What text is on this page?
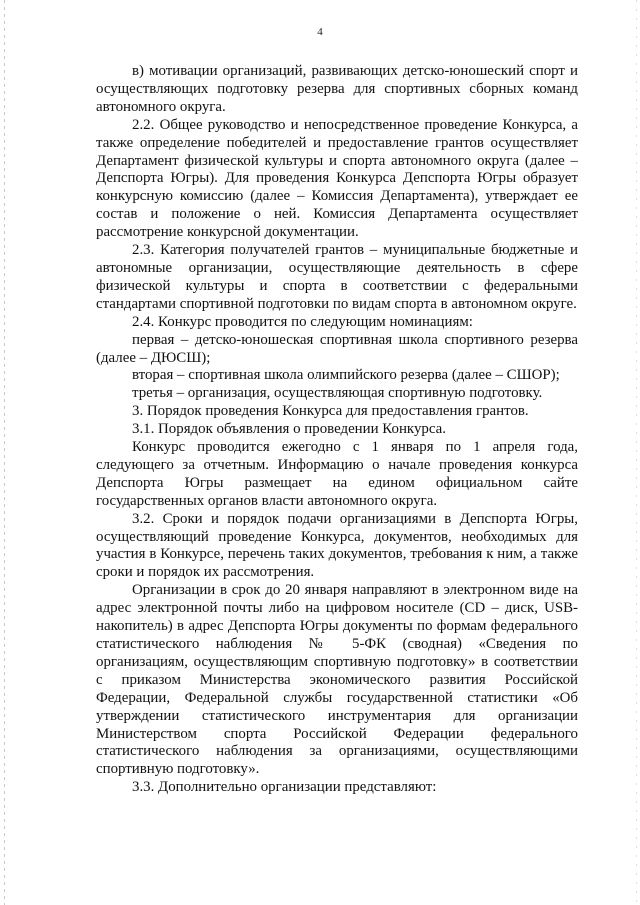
4

в) мотивации организаций, развивающих детско-юношеский спорт и осуществляющих подготовку резерва для спортивных сборных команд автономного округа.

2.2. Общее руководство и непосредственное проведение Конкурса, а также определение победителей и предоставление грантов осуществляет Департамент физической культуры и спорта автономного округа (далее – Депспорта Югры). Для проведения Конкурса Депспорта Югры образует конкурсную комиссию (далее – Комиссия Департамента), утверждает ее состав и положение о ней. Комиссия Департамента осуществляет рассмотрение конкурсной документации.

2.3. Категория получателей грантов – муниципальные бюджетные и автономные организации, осуществляющие деятельность в сфере физической культуры и спорта в соответствии с федеральными стандартами спортивной подготовки по видам спорта в автономном округе.

2.4. Конкурс проводится по следующим номинациям:

первая – детско-юношеская спортивная школа спортивного резерва (далее – ДЮСШ);

вторая – спортивная школа олимпийского резерва (далее – СШОР);

третья – организация, осуществляющая спортивную подготовку.

3. Порядок проведения Конкурса для предоставления грантов.

3.1. Порядок объявления о проведении Конкурса.

Конкурс проводится ежегодно с 1 января по 1 апреля года, следующего за отчетным. Информацию о начале проведения конкурса Депспорта Югры размещает на едином официальном сайте государственных органов власти автономного округа.

3.2. Сроки и порядок подачи организациями в Депспорта Югры, осуществляющий проведение Конкурса, документов, необходимых для участия в Конкурсе, перечень таких документов, требования к ним, а также сроки и порядок их рассмотрения.

Организации в срок до 20 января направляют в электронном виде на адрес электронной почты либо на цифровом носителе (CD – диск, USB-накопитель) в адрес Депспорта Югры документы по формам федерального статистического наблюдения № 5-ФК (сводная) «Сведения по организациям, осуществляющим спортивную подготовку» в соответствии с приказом Министерства экономического развития Российской Федерации, Федеральной службы государственной статистики «Об утверждении статистического инструментария для организации Министерством спорта Российской Федерации федерального статистического наблюдения за организациями, осуществляющими спортивную подготовку».

3.3. Дополнительно организации представляют:
